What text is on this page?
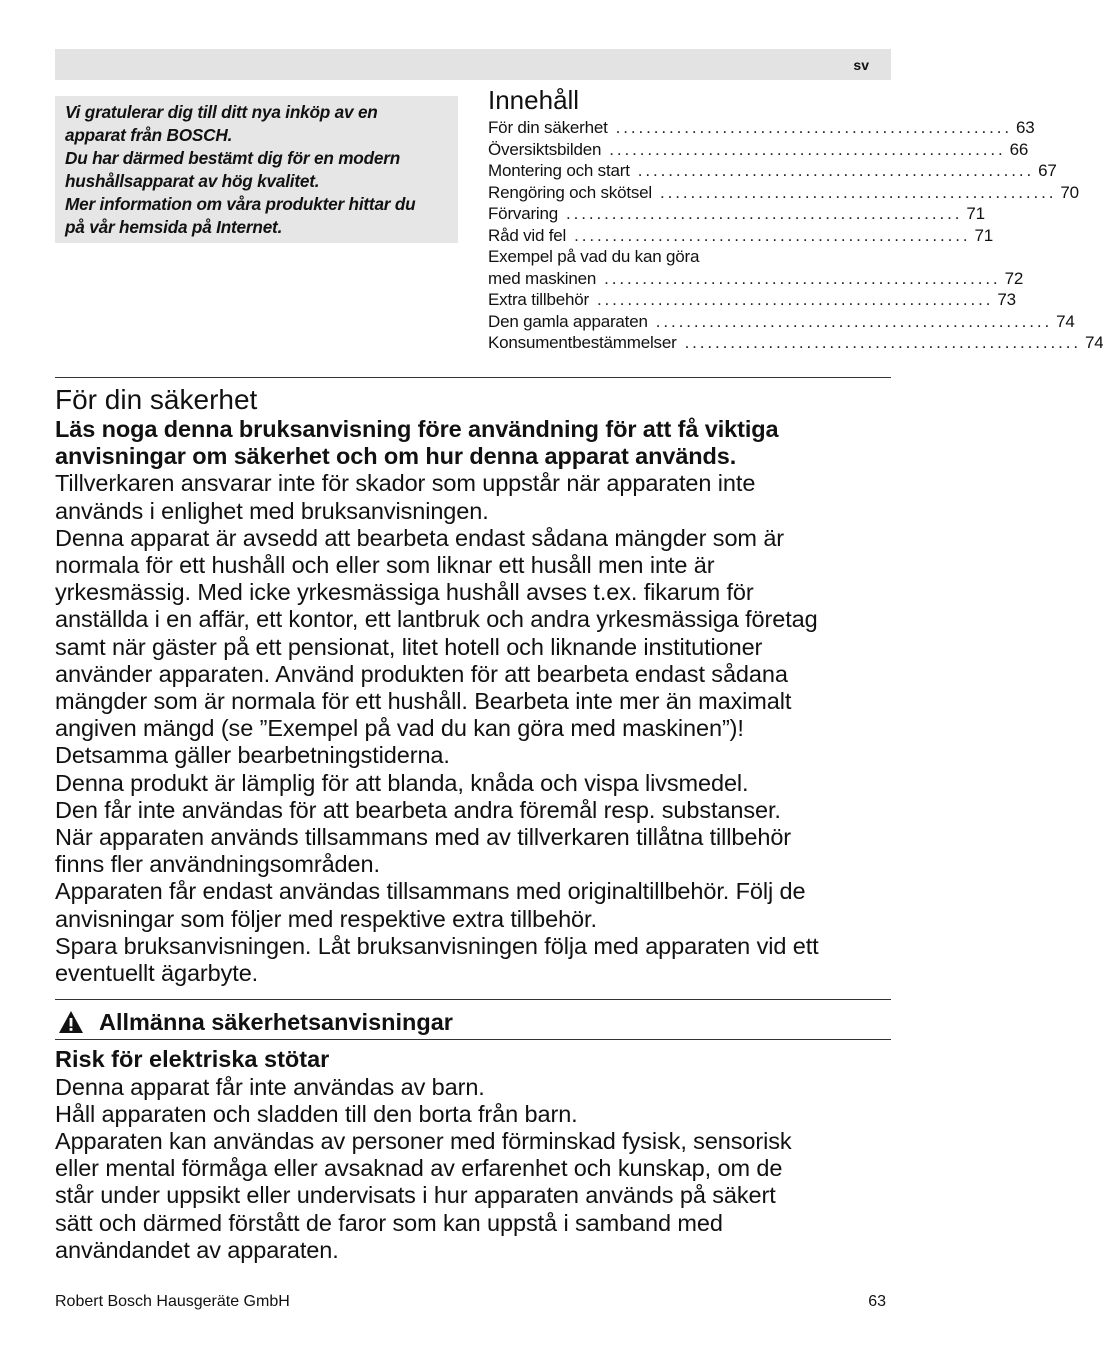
sv

Vi gratulerar dig till ditt nya inköp av en

apparat från BOSCH.

Du har därmed bestämt dig för en modern

hushållsapparat av hög kvalitet.

Mer information om våra produkter hittar du

på vår hemsida på Internet.

Innehåll
För din säkerhet .................................................... 63
Översiktsbilden .................................................... 66
Montering och start .................................................... 67
Rengöring och skötsel .................................................... 70
Förvaring .................................................... 71
Råd vid fel .................................................... 71
Exempel på vad du kan göra
med maskinen .................................................... 72
Extra tillbehör .................................................... 73
Den gamla apparaten .................................................... 74
Konsumentbestämmelser .................................................... 74
För din säkerhet

Läs noga denna bruksanvisning före användning för att få viktiga

anvisningar om säkerhet och om hur denna apparat används.

Tillverkaren ansvarar inte för skador som uppstår när apparaten inte

används i enlighet med bruksanvisningen.

Denna apparat är avsedd att bearbeta endast sådana mängder som är

normala för ett hushåll och eller som liknar ett husåll men inte är

yrkesmässig. Med icke yrkesmässiga hushåll avses t.ex. fikarum för

anställda i en affär, ett kontor, ett lantbruk och andra yrkesmässiga företag

samt när gäster på ett pensionat, litet hotell och liknande institutioner

använder apparaten. Använd produkten för att bearbeta endast sådana

mängder som är normala för ett hushåll. Bearbeta inte mer än maximalt

angiven mängd (se ”Exempel på vad du kan göra med maskinen”)!

Detsamma gäller bearbetningstiderna.

Denna produkt är lämplig för att blanda, knåda och vispa livsmedel.

Den får inte användas för att bearbeta andra föremål resp. substanser.

När apparaten används tillsammans med av tillverkaren tillåtna tillbehör

finns fler användningsområden.

Apparaten får endast användas tillsammans med originaltillbehör. Följ de

anvisningar som följer med respektive extra tillbehör.

Spara bruksanvisningen. Låt bruksanvisningen följa med apparaten vid ett

eventuellt ägarbyte.

Allmänna säkerhetsanvisningar

Risk för elektriska stötar

Denna apparat får inte användas av barn.

Håll apparaten och sladden till den borta från barn.

Apparaten kan användas av personer med förminskad fysisk, sensorisk

eller mental förmåga eller avsaknad av erfarenhet och kunskap, om de

står under uppsikt eller undervisats i hur apparaten används på säkert

sätt och därmed förstått de faror som kan uppstå i samband med

användandet av apparaten.

Robert Bosch Hausgeräte GmbH	63
